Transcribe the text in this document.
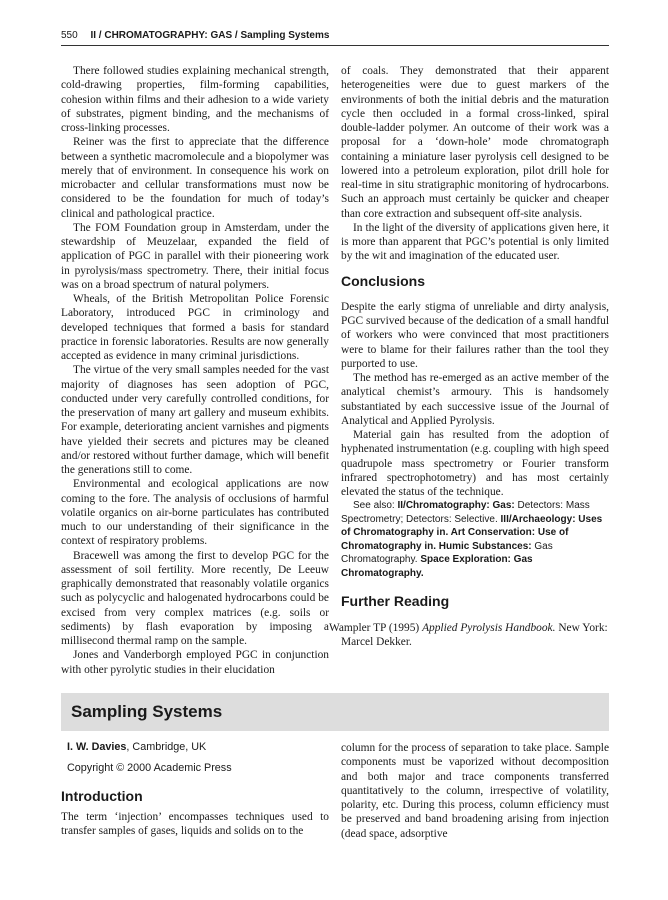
550 II / CHROMATOGRAPHY: GAS / Sampling Systems

There followed studies explaining mechanical strength, cold-drawing properties, film-forming capabilities, cohesion within films and their adhesion to a wide variety of substrates, pigment binding, and the mechanisms of cross-linking processes.

Reiner was the first to appreciate that the difference between a synthetic macromolecule and a biopolymer was merely that of environment. In consequence his work on microbacter and cellular transformations must now be considered to be the foundation for much of today’s clinical and pathological practice.

The FOM Foundation group in Amsterdam, under the stewardship of Meuzelaar, expanded the field of application of PGC in parallel with their pioneering work in pyrolysis/mass spectrometry. There, their initial focus was on a broad spectrum of natural polymers.

Wheals, of the British Metropolitan Police Forensic Laboratory, introduced PGC in criminology and developed techniques that formed a basis for standard practice in forensic laboratories. Results are now generally accepted as evidence in many criminal jurisdictions.

The virtue of the very small samples needed for the vast majority of diagnoses has seen adoption of PGC, conducted under very carefully controlled conditions, for the preservation of many art gallery and museum exhibits. For example, deteriorating ancient varnishes and pigments have yielded their secrets and pictures may be cleaned and/or restored without further damage, which will benefit the generations still to come.

Environmental and ecological applications are now coming to the fore. The analysis of occlusions of harmful volatile organics on air-borne particulates has contributed much to our understanding of their significance in the context of respiratory problems.

Bracewell was among the first to develop PGC for the assessment of soil fertility. More recently, De Leeuw graphically demonstrated that reasonably volatile organics such as polycyclic and halogenated hydrocarbons could be excised from very complex matrices (e.g. soils or sediments) by flash evaporation by imposing a millisecond thermal ramp on the sample.

Jones and Vanderborgh employed PGC in conjunction with other pyrolytic studies in their elucidation

of coals. They demonstrated that their apparent heterogeneities were due to guest markers of the environments of both the initial debris and the maturation cycle then occluded in a formal cross-linked, spiral double-ladder polymer. An outcome of their work was a proposal for a ‘down-hole’ mode chromatograph containing a miniature laser pyrolysis cell designed to be lowered into a petroleum exploration, pilot drill hole for real-time in situ stratigraphic monitoring of hydrocarbons. Such an approach must certainly be quicker and cheaper than core extraction and subsequent off-site analysis.

In the light of the diversity of applications given here, it is more than apparent that PGC’s potential is only limited by the wit and imagination of the educated user.

Conclusions

Despite the early stigma of unreliable and dirty analysis, PGC survived because of the dedication of a small handful of workers who were convinced that most practitioners were to blame for their failures rather than the tool they purported to use.

The method has re-emerged as an active member of the analytical chemist’s armoury. This is handsomely substantiated by each successive issue of the Journal of Analytical and Applied Pyrolysis.

Material gain has resulted from the adoption of hyphenated instrumentation (e.g. coupling with high speed quadrupole mass spectrometry or Fourier transform infrared spectrophotometry) and has most certainly elevated the status of the technique.

See also: II/Chromatography: Gas: Detectors: Mass Spectrometry; Detectors: Selective. III/Archaeology: Uses of Chromatography in. Art Conservation: Use of Chromatography in. Humic Substances: Gas Chromatography. Space Exploration: Gas Chromatography.

Further Reading

Wampler TP (1995) Applied Pyrolysis Handbook. New York: Marcel Dekker.

Sampling Systems
I. W. Davies, Cambridge, UK
Copyright © 2000 Academic Press
Introduction

The term ‘injection’ encompasses techniques used to transfer samples of gases, liquids and solids on to the

column for the process of separation to take place. Sample components must be vaporized without decomposition and both major and trace components transferred quantitatively to the column, irrespective of volatility, polarity, etc. During this process, column efficiency must be preserved and band broadening arising from injection (dead space, adsorptive
